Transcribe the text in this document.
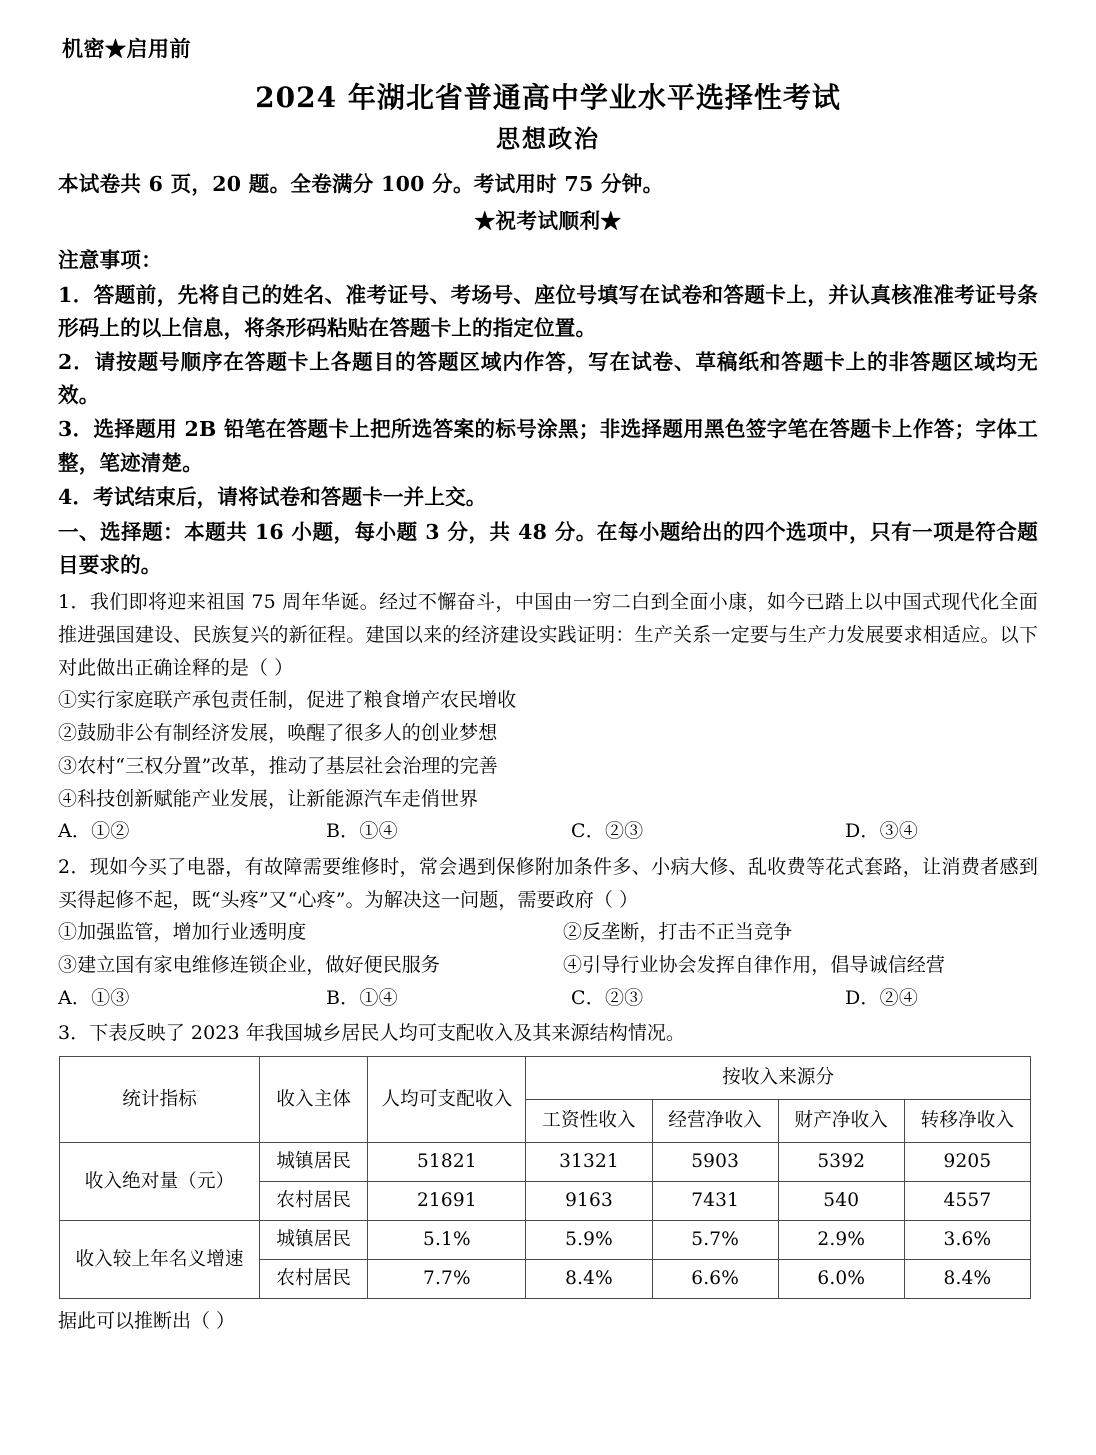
机密★启用前
2024 年湖北省普通高中学业水平选择性考试
思想政治

本试卷共 6 页，20 题。全卷满分 100 分。考试用时 75 分钟。

★祝考试顺利★

注意事项：

1．答题前，先将自己的姓名、准考证号、考场号、座位号填写在试卷和答题卡上，并认真核准准考证号条形码上的以上信息，将条形码粘贴在答题卡上的指定位置。

2．请按题号顺序在答题卡上各题目的答题区域内作答，写在试卷、草稿纸和答题卡上的非答题区域均无效。

3．选择题用 2B 铅笔在答题卡上把所选答案的标号涂黑；非选择题用黑色签字笔在答题卡上作答；字体工整，笔迹清楚。

4．考试结束后，请将试卷和答题卡一并上交。

一、选择题：本题共 16 小题，每小题 3 分，共 48 分。在每小题给出的四个选项中，只有一项是符合题目要求的。

1．我们即将迎来祖国 75 周年华诞。经过不懈奋斗，中国由一穷二白到全面小康，如今已踏上以中国式现代化全面推进强国建设、民族复兴的新征程。建国以来的经济建设实践证明：生产关系一定要与生产力发展要求相适应。以下对此做出正确诠释的是（ ）

①实行家庭联产承包责任制，促进了粮食增产农民增收

②鼓励非公有制经济发展，唤醒了很多人的创业梦想

③农村“三权分置”改革，推动了基层社会治理的完善

④科技创新赋能产业发展，让新能源汽车走俏世界

A．①②	B．①④	C．②③	D．③④

2．现如今买了电器，有故障需要维修时，常会遇到保修附加条件多、小病大修、乱收费等花式套路，让消费者感到买得起修不起，既“头疼”又“心疼”。为解决这一问题，需要政府（ ）

①加强监管，增加行业透明度	②反垄断，打击不正当竞争
③建立国有家电维修连锁企业，做好便民服务	④引导行业协会发挥自律作用，倡导诚信经营
A．①③	B．①④	C．②③	D．②④

3．下表反映了 2023 年我国城乡居民人均可支配收入及其来源结构情况。

统计指标	收入主体	人均可支配收入	按收入来源分			
			工资性收入	经营净收入	财产净收入	转移净收入
收入绝对量（元）	城镇居民	51821	31321	5903	5392	9205
	农村居民	21691	9163	7431	540	4557
收入较上年名义增速	城镇居民	5.1%	5.9%	5.7%	2.9%	3.6%
	农村居民	7.7%	8.4%	6.6%	6.0%	8.4%

据此可以推断出（ ）
